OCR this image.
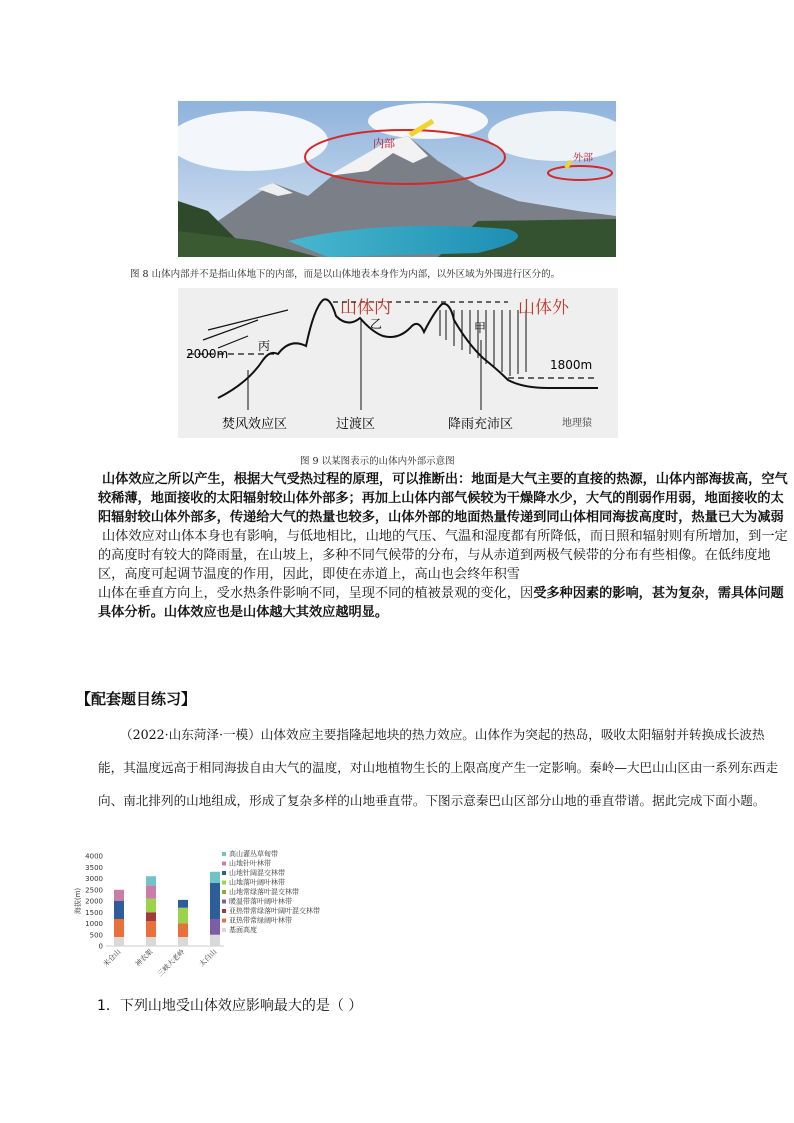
内部
外部
图 8 山体内部并不是指山体地下的内部，而是以山体地表本身作为内部，以外区域为外围进行区分的。
山体内	山体外
2000m
1800m
丙
乙	甲
焚风效应区	过渡区	降雨充沛区	地理猿
图 9 以某图表示的山体内外部示意图

山体效应之所以产生，根据大气受热过程的原理，可以推断出：地面是大气主要的直接的热源，山体内部海拔高，空气较稀薄，地面接收的太阳辐射较山体外部多；再加上山体内部气候较为干燥降水少，大气的削弱作用弱，地面接收的太阳辐射较山体外部多，传递给大气的热量也较多，山体外部的地面热量传递到同山体相同海拔高度时，热量已大为减弱

山体效应对山体本身也有影响，与低地相比，山地的气压、气温和湿度都有所降低，而日照和辐射则有所增加，到一定的高度时有较大的降雨量，在山坡上，多种不同气候带的分布，与从赤道到两极气候带的分布有些相像。在低纬度地区，高度可起调节温度的作用，因此，即使在赤道上，高山也会终年积雪

山体在垂直方向上，受水热条件影响不同，呈现不同的植被景观的变化，因受多种因素的影响，甚为复杂，需具体问题具体分析。山体效应也是山体越大其效应越明显。

【配套题目练习】
（2022·山东菏泽·一模）山体效应主要指隆起地块的热力效应。山体作为突起的热岛，吸收太阳辐射并转换成长波热能，其温度远高于相同海拔自由大气的温度，对山地植物生长的上限高度产生一定影响。秦岭—大巴山山区由一系列东西走向、南北排列的山地组成，形成了复杂多样的山地垂直带。下图示意秦巴山区部分山地的垂直带谱。据此完成下面小题。
0
500
1000
1500
2000
2500
3000
3500
4000
海拔(m)
米仓山 神农架 三峡大老岭 太白山
高山灌丛草甸带
山地针叶林带
山地针阔混交林带
山地落叶阔叶林带
山地常绿落叶混交林带
暖温带落叶阔叶林带
亚热带常绿落叶阔叶混交林带
亚热带常绿阔叶林带
基面高度
1．下列山地受山体效应影响最大的是（ ）
